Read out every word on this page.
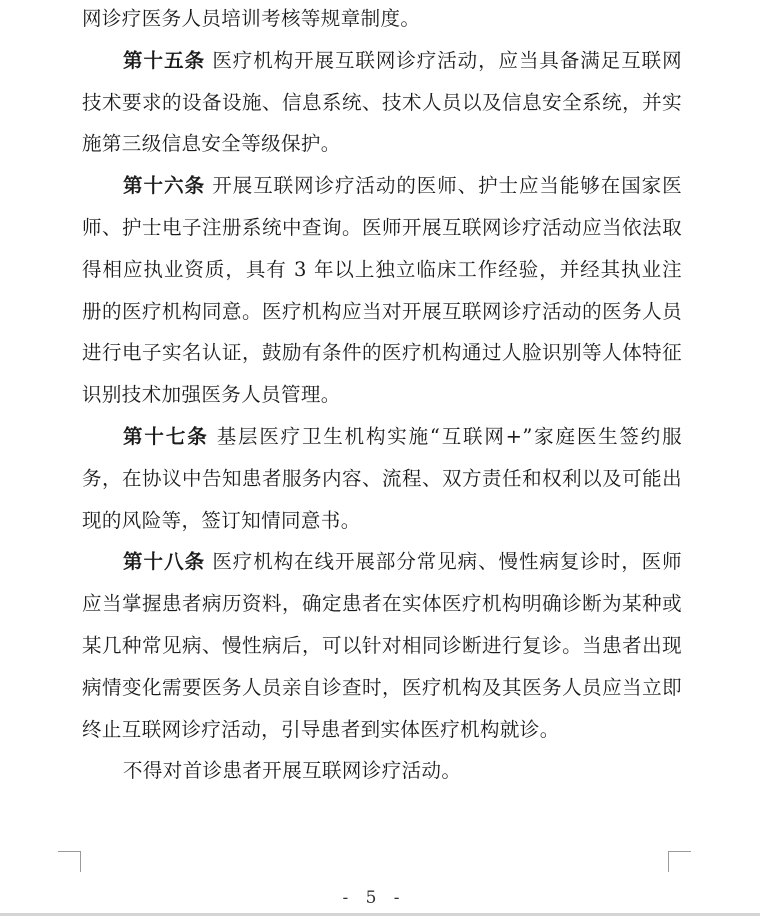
网诊疗医务人员培训考核等规章制度。

第十五条 医疗机构开展互联网诊疗活动，应当具备满足互联网技术要求的设备设施、信息系统、技术人员以及信息安全系统，并实施第三级信息安全等级保护。

第十六条 开展互联网诊疗活动的医师、护士应当能够在国家医师、护士电子注册系统中查询。医师开展互联网诊疗活动应当依法取得相应执业资质，具有 3 年以上独立临床工作经验，并经其执业注册的医疗机构同意。医疗机构应当对开展互联网诊疗活动的医务人员进行电子实名认证，鼓励有条件的医疗机构通过人脸识别等人体特征识别技术加强医务人员管理。

第十七条 基层医疗卫生机构实施“互联网+”家庭医生签约服务，在协议中告知患者服务内容、流程、双方责任和权利以及可能出现的风险等，签订知情同意书。

第十八条 医疗机构在线开展部分常见病、慢性病复诊时，医师应当掌握患者病历资料，确定患者在实体医疗机构明确诊断为某种或某几种常见病、慢性病后，可以针对相同诊断进行复诊。当患者出现病情变化需要医务人员亲自诊查时，医疗机构及其医务人员应当立即终止互联网诊疗活动，引导患者到实体医疗机构就诊。

不得对首诊患者开展互联网诊疗活动。

- 5 -
